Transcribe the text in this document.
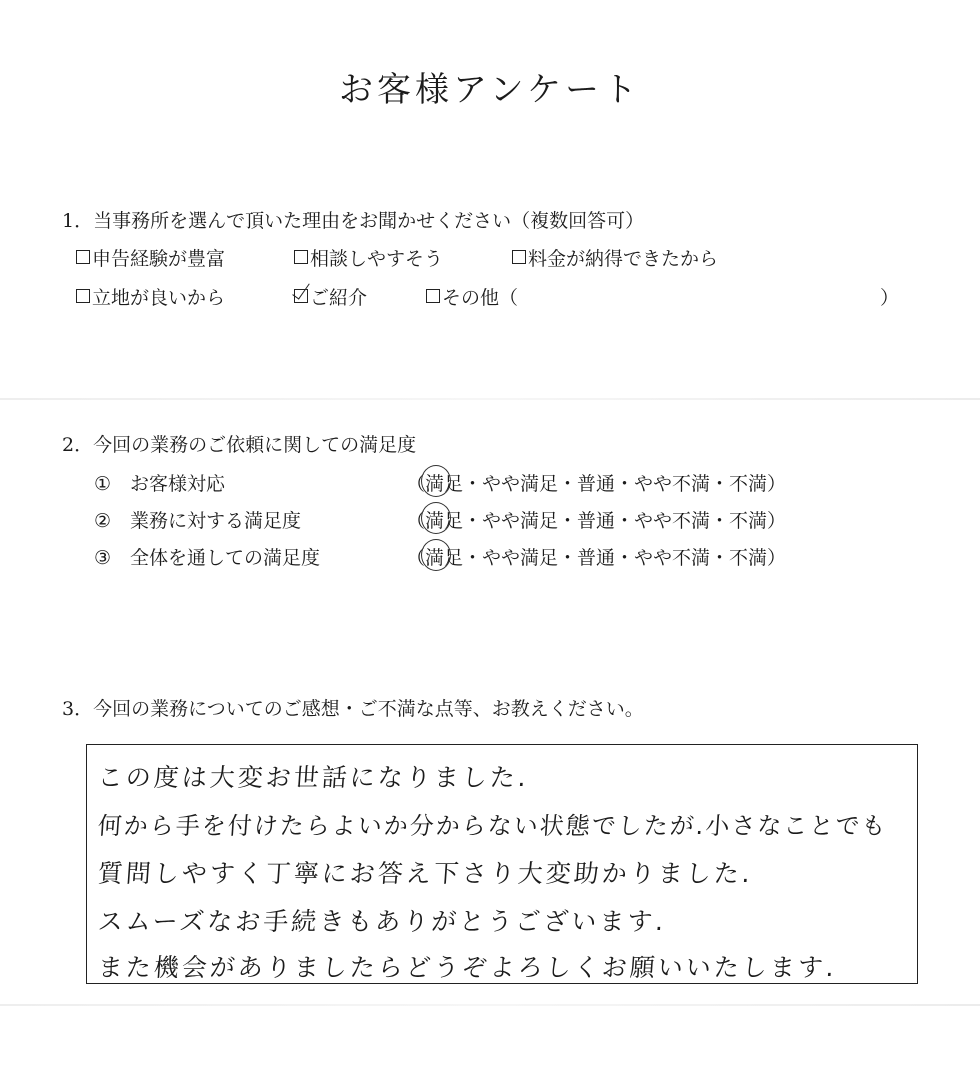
お客様アンケート
1．当事務所を選んで頂いた理由をお聞かせください（複数回答可）
申告経験が豊富	相談しやすそう	料金が納得できたから
立地が良いから	ご紹介	その他（	）
2．今回の業務のご依頼に関しての満足度
① お客様対応	（満足・やや満足・普通・やや不満・不満）
② 業務に対する満足度	（満足・やや満足・普通・やや不満・不満）
③ 全体を通しての満足度	（満足・やや満足・普通・やや不満・不満）
3．今回の業務についてのご感想・ご不満な点等、お教えください。
この度は大変お世話になりました.
何から手を付けたらよいか分からない状態でしたが.小さなことでも
質問しやすく丁寧にお答え下さり大変助かりました.
スムーズなお手続きもありがとうございます.
また機会がありましたらどうぞよろしくお願いいたします.
